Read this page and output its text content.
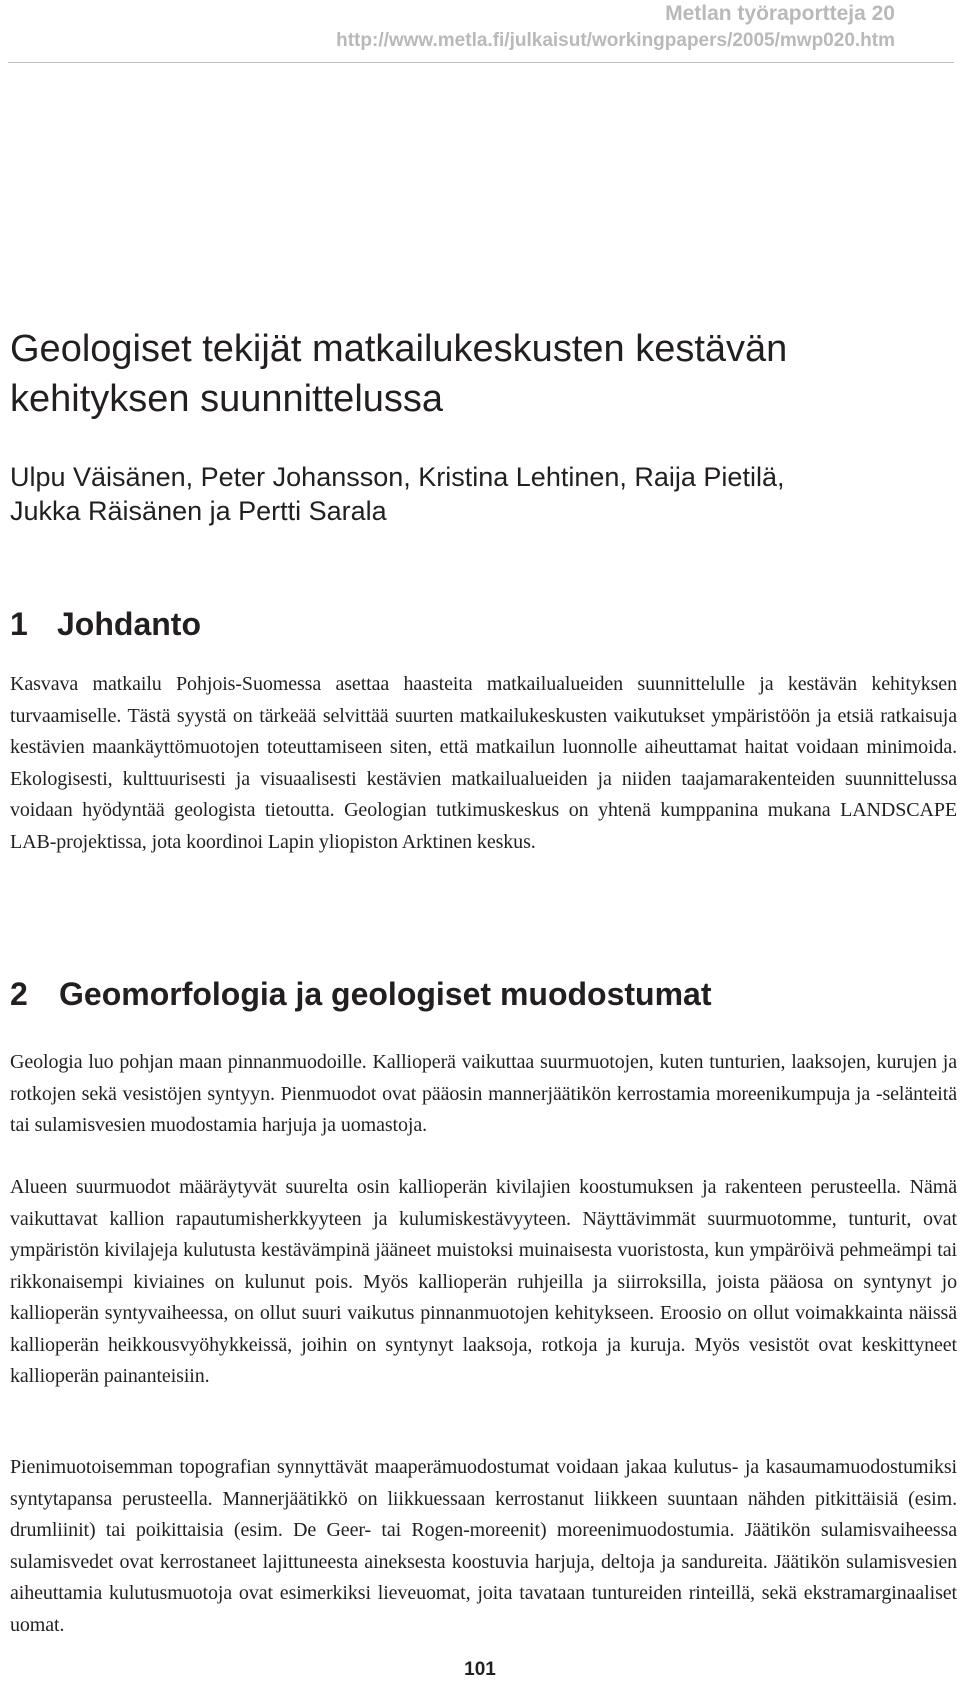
Metlan työraportteja 20
http://www.metla.fi/julkaisut/workingpapers/2005/mwp020.htm
Geologiset tekijät matkailukeskusten kestävän
kehityksen suunnittelussa
Ulpu Väisänen, Peter Johansson, Kristina Lehtinen, Raija Pietilä,
Jukka Räisänen ja Pertti Sarala
1 Johdanto

Kasvava matkailu Pohjois-Suomessa asettaa haasteita matkailualueiden suunnittelulle ja kestävän kehityksen turvaamiselle. Tästä syystä on tärkeää selvittää suurten matkailukeskusten vaikutukset ympäristöön ja etsiä ratkaisuja kestävien maankäyttömuotojen toteuttamiseen siten, että matkailun luonnolle aiheuttamat haitat voidaan minimoida. Ekologisesti, kulttuurisesti ja visuaalisesti kestävien matkailualueiden ja niiden taajamarakenteiden suunnittelussa voidaan hyödyntää geologista tietoutta. Geologian tutkimuskeskus on yhtenä kumppanina mukana LANDSCAPE LAB-projektissa, jota koordinoi Lapin yliopiston Arktinen keskus.

2 Geomorfologia ja geologiset muodostumat

Geologia luo pohjan maan pinnanmuodoille. Kallioperä vaikuttaa suurmuotojen, kuten tunturien, laaksojen, kurujen ja rotkojen sekä vesistöjen syntyyn. Pienmuodot ovat pääosin mannerjäätikön kerrostamia moreenikumpuja ja -selänteitä tai sulamisvesien muodostamia harjuja ja uomastoja.

Alueen suurmuodot määräytyvät suurelta osin kallioperän kivilajien koostumuksen ja rakenteen perusteella. Nämä vaikuttavat kallion rapautumisherkkyyteen ja kulumiskestävyyteen. Näyttävimmät suurmuotomme, tunturit, ovat ympäristön kivilajeja kulutusta kestävämpinä jääneet muistoksi muinaisesta vuoristosta, kun ympäröivä pehmeämpi tai rikkonaisempi kiviaines on kulunut pois. Myös kallioperän ruhjeilla ja siirroksilla, joista pääosa on syntynyt jo kallioperän syntyvaiheessa, on ollut suuri vaikutus pinnanmuotojen kehitykseen. Eroosio on ollut voimakkainta näissä kallioperän heikkousvyöhykkeissä, joihin on syntynyt laaksoja, rotkoja ja kuruja. Myös vesistöt ovat keskittyneet kallioperän painanteisiin.

Pienimuotoisemman topografian synnyttävät maaperämuodostumat voidaan jakaa kulutus- ja kasaumamuodostumiksi syntytapansa perusteella. Mannerjäätikkö on liikkuessaan kerrostanut liikkeen suuntaan nähden pitkittäisiä (esim. drumliinit) tai poikittaisia (esim. De Geer- tai Rogen-moreenit) moreenimuodostumia. Jäätikön sulamisvaiheessa sulamisvedet ovat kerrostaneet lajittuneesta aineksesta koostuvia harjuja, deltoja ja sandureita. Jäätikön sulamisvesien aiheuttamia kulutusmuotoja ovat esimerkiksi lieveuomat, joita tavataan tuntureiden rinteillä, sekä ekstramarginaaliset uomat.

101
